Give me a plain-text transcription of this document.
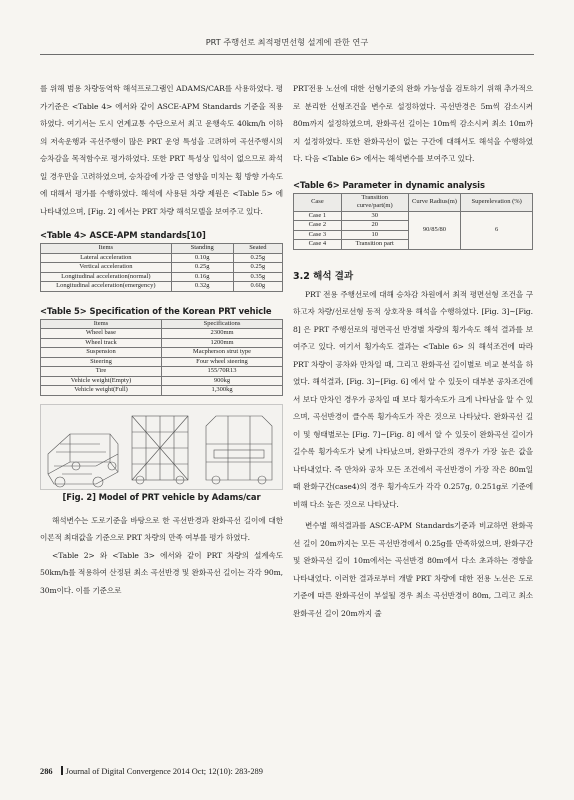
PRT 주행선로 최적평면선형 설계에 관한 연구

를 위해 범용 차량동역학 해석프로그램인 ADAMS/CAR를 사용하였다. 평가기준은 <Table 4> 에서와 같이 ASCE-APM Standards 기준을 적용하였다. 여기서는 도시 연계교통 수단으로서 최고 운행속도 40km/h 이하의 저속운행과 곡선주행이 많은 PRT 운영 특성을 고려하여 곡선주행시의 승차감을 목적함수로 평가하였다. 또한 PRT 특성상 입석이 없으므로 좌석일 경우만을 고려하였으며, 승차감에 가장 큰 영향을 미치는 횡 방향 가속도에 대해서 평가를 수행하였다. 해석에 사용된 차량 제원은 <Table 5> 에 나타내었으며, [Fig. 2] 에서는 PRT 차량 해석모델을 보여주고 있다.

<Table 4> ASCE-APM standards[10]

Items	Standing	Seated
Lateral acceleration	0.10g	0.25g
Vertical acceleration	0.25g	0.25g
Longitudinal acceleration(normal)	0.16g	0.35g
Longitudinal acceleration(emergency)	0.32g	0.60g

<Table 5> Specification of the Korean PRT vehicle

Items	Specifications
Wheel base	2300mm
Wheel track	1200mm
Suspension	Macpherson strut type
Steering	Four wheel steering
Tire	155/70R13
Vehicle weight(Empty)	900kg
Vehicle weight(Full)	1,300kg

[Fig. 2] Model of PRT vehicle by Adams/car

해석변수는 도로기준을 바탕으로 한 곡선반경과 완화곡선 길이에 대한 이론적 최대값을 기준으로 PRT 차량의 만족 여부를 평가 하였다.

<Table 2> 와 <Table 3> 에서와 같이 PRT 차량의 설계속도 50km/h를 적용하여 산정된 최소 곡선반경 및 완화곡선 길이는 각각 90m, 30m이다. 이를 기준으로

PRT전용 노선에 대한 선형기준의 완화 가능성을 검토하기 위해 추가적으로 분리한 선형조건을 변수로 설정하였다. 곡선반경은 5m씩 감소시켜 80m까지 설정하였으며, 완화곡선 길이는 10m씩 감소시켜 최소 10m까지 설정하였다. 또한 완화곡선이 없는 구간에 대해서도 해석을 수행하였다. 다음 <Table 6> 에서는 해석변수를 보여주고 있다.

<Table 6> Parameter in dynamic analysis

Case	Transition curve/part(m)	Curve Radius(m)	Superelevation (%)
Case 1	30	90/85/80	6
Case 2	20		
Case 3	10		
Case 4	Transition part		

3.2 해석 결과

PRT 전용 주행선로에 대해 승차감 차원에서 최적 평면선형 조건을 구하고자 차량/선로선형 동적 상호작용 해석을 수행하였다. [Fig. 3]~[Fig. 8] 은 PRT 주행선로의 평면곡선 반경별 차량의 횡가속도 해석 결과를 보여주고 있다. 여기서 횡가속도 결과는 <Table 6> 의 해석조건에 따라 PRT 차량이 공차와 만차일 때, 그리고 완화곡선 길이별로 비교 분석을 하였다. 해석결과, [Fig. 3]~[Fig. 6] 에서 알 수 있듯이 대부분 공차조건에서 보다 만차인 경우가 공차일 때 보다 횡가속도가 크게 나타남을 알 수 있으며, 곡선반경이 클수록 횡가속도가 작은 것으로 나타났다. 완화곡선 길이 및 형태별로는 [Fig. 7]~[Fig. 8] 에서 알 수 있듯이 완화곡선 길이가 길수록 횡가속도가 낮게 나타났으며, 완화구간의 경우가 가장 높은 값을 나타내었다. 즉 만차와 공차 모든 조건에서 곡선반경이 가장 작은 80m일 때 완화구간(case4)의 경우 횡가속도가 각각 0.257g, 0.251g로 기준에 비해 다소 높은 것으로 나타났다.

변수별 해석결과를 ASCE-APM Standards기준과 비교하면 완화곡선 길이 20m까지는 모든 곡선반경에서 0.25g를 만족하였으며, 완화구간 및 완화곡선 길이 10m에서는 곡선반경 80m에서 다소 초과하는 경향을 나타내었다. 이러한 결과로부터 개발 PRT 차량에 대한 전용 노선은 도로기준에 따른 완화곡선이 부설될 경우 최소 곡선반경이 80m, 그리고 최소 완화곡선 길이 20m까지 줄

286 Journal of Digital Convergence 2014 Oct; 12(10): 283-289
